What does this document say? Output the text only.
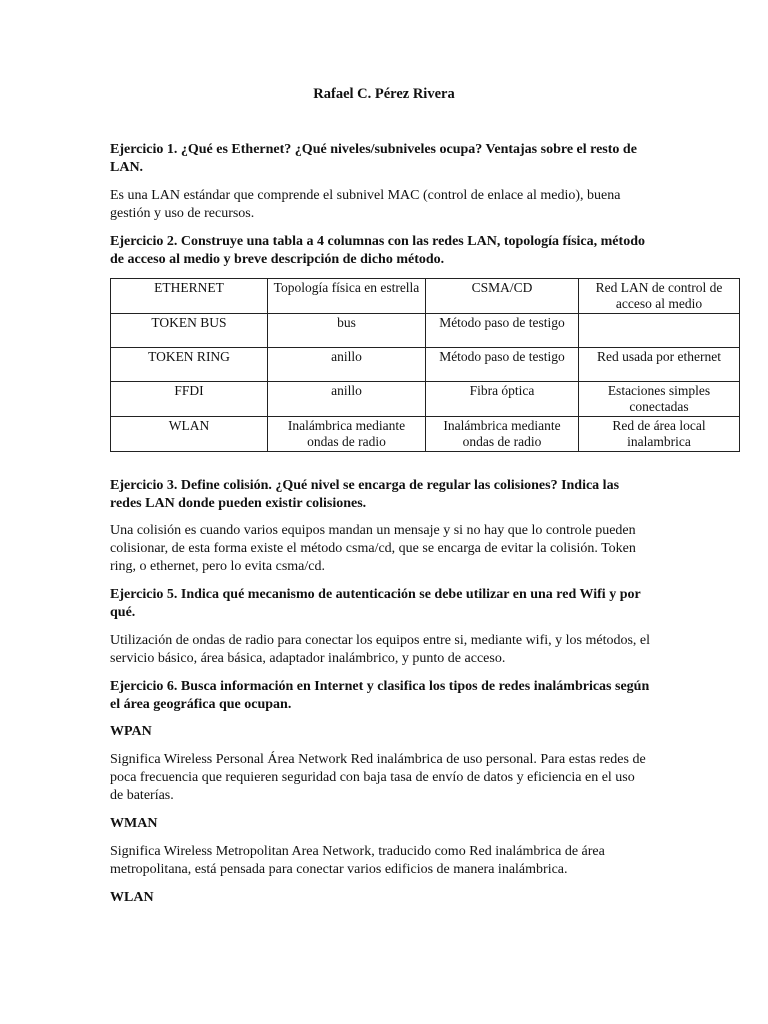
Rafael C. Pérez Rivera
Ejercicio 1. ¿Qué es Ethernet? ¿Qué niveles/subniveles ocupa? Ventajas sobre el resto de LAN.
Es una LAN estándar que comprende el subnivel MAC (control de enlace al medio), buena gestión y uso de recursos.
Ejercicio 2. Construye una tabla a 4 columnas con las redes LAN, topología física, método de acceso al medio y breve descripción de dicho método.
ETHERNET	Topología física en estrella	CSMA/CD	Red LAN de control de acceso al medio
TOKEN BUS	bus	Método paso de testigo	
TOKEN RING	anillo	Método paso de testigo	Red usada por ethernet
FFDI	anillo	Fibra óptica	Estaciones simples conectadas
WLAN	Inalámbrica mediante ondas de radio	Inalámbrica mediante ondas de radio	Red de área local inalambrica
Ejercicio 3. Define colisión. ¿Qué nivel se encarga de regular las colisiones? Indica las redes LAN donde pueden existir colisiones.
Una colisión es cuando varios equipos mandan un mensaje y si no hay que lo controle pueden colisionar, de esta forma existe el método csma/cd, que se encarga de evitar la colisión. Token ring, o ethernet, pero lo evita csma/cd.
Ejercicio 5. Indica qué mecanismo de autenticación se debe utilizar en una red Wifi y por qué.
Utilización de ondas de radio para conectar los equipos entre si, mediante wifi, y los métodos, el servicio básico, área básica, adaptador inalámbrico, y punto de acceso.
Ejercicio 6. Busca información en Internet y clasifica los tipos de redes inalámbricas según el área geográfica que ocupan.
WPAN
Significa Wireless Personal Área Network Red inalámbrica de uso personal. Para estas redes de poca frecuencia que requieren seguridad con baja tasa de envío de datos y eficiencia en el uso de baterías.
WMAN
Significa Wireless Metropolitan Area Network, traducido como Red inalámbrica de área metropolitana, está pensada para conectar varios edificios de manera inalámbrica.
WLAN
